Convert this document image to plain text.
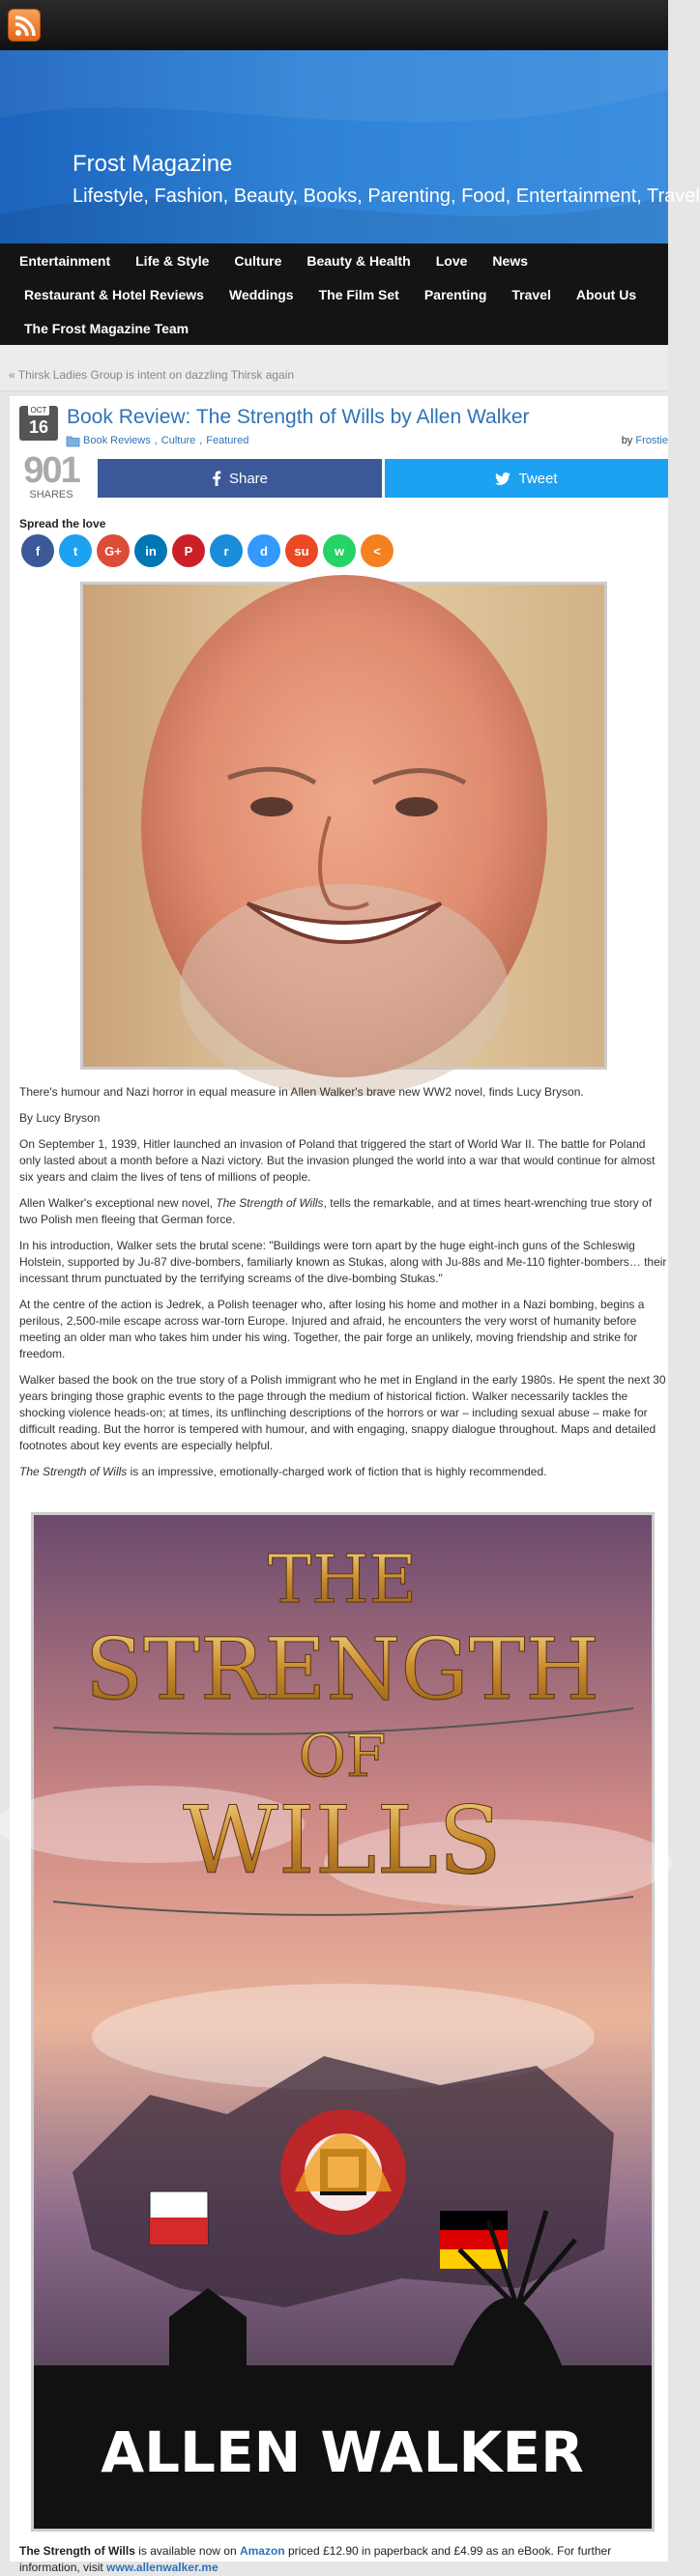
Frost Magazine
Lifestyle, Fashion, Beauty, Books, Parenting, Food, Entertainment, Travel
Entertainment Life & Style Culture Beauty & Health Love News
Restaurant & Hotel Reviews Weddings The Film Set Parenting Travel About Us
The Frost Magazine Team
« Thirsk Ladies Group is intent on dazzling Thirsk again
OCT
16 Book Review: The Strength of Wills by Allen Walker
Book Reviews , Culture , Featured	by Frostie
901
SHARES
Share	Tweet
Spread the love
f	t	G+	in	P	r	d	su	w	<

There's humour and Nazi horror in equal measure in Allen Walker's brave new WW2 novel, finds Lucy Bryson.

By Lucy Bryson

On September 1, 1939, Hitler launched an invasion of Poland that triggered the start of World War II. The battle for Poland only lasted about a month before a Nazi victory. But the invasion plunged the world into a war that would continue for almost six years and claim the lives of tens of millions of people.

Allen Walker's exceptional new novel, The Strength of Wills, tells the remarkable, and at times heart-wrenching true story of two Polish men fleeing that German force.

In his introduction, Walker sets the brutal scene: "Buildings were torn apart by the huge eight-inch guns of the Schleswig Holstein, supported by Ju-87 dive-bombers, familiarly known as Stukas, along with Ju-88s and Me-110 fighter-bombers… their incessant thrum punctuated by the terrifying screams of the dive-bombing Stukas."

At the centre of the action is Jedrek, a Polish teenager who, after losing his home and mother in a Nazi bombing, begins a perilous, 2,500-mile escape across war-torn Europe. Injured and afraid, he encounters the very worst of humanity before meeting an older man who takes him under his wing. Together, the pair forge an unlikely, moving friendship and strike for freedom.

Walker based the book on the true story of a Polish immigrant who he met in England in the early 1980s. He spent the next 30 years bringing those graphic events to the page through the medium of historical fiction. Walker necessarily tackles the shocking violence heads-on; at times, its unflinching descriptions of the horrors or war – including sexual abuse – make for difficult reading. But the horror is tempered with humour, and with engaging, snappy dialogue throughout. Maps and detailed footnotes about key events are especially helpful.

The Strength of Wills is an impressive, emotionally-charged work of fiction that is highly recommended.

THE
STRENGTH
OF
WILLS
ALLEN WALKER
The Strength of Wills is available now on Amazon priced £12.90 in paperback and £4.99 as an eBook. For further information, visit www.allenwalker.me
